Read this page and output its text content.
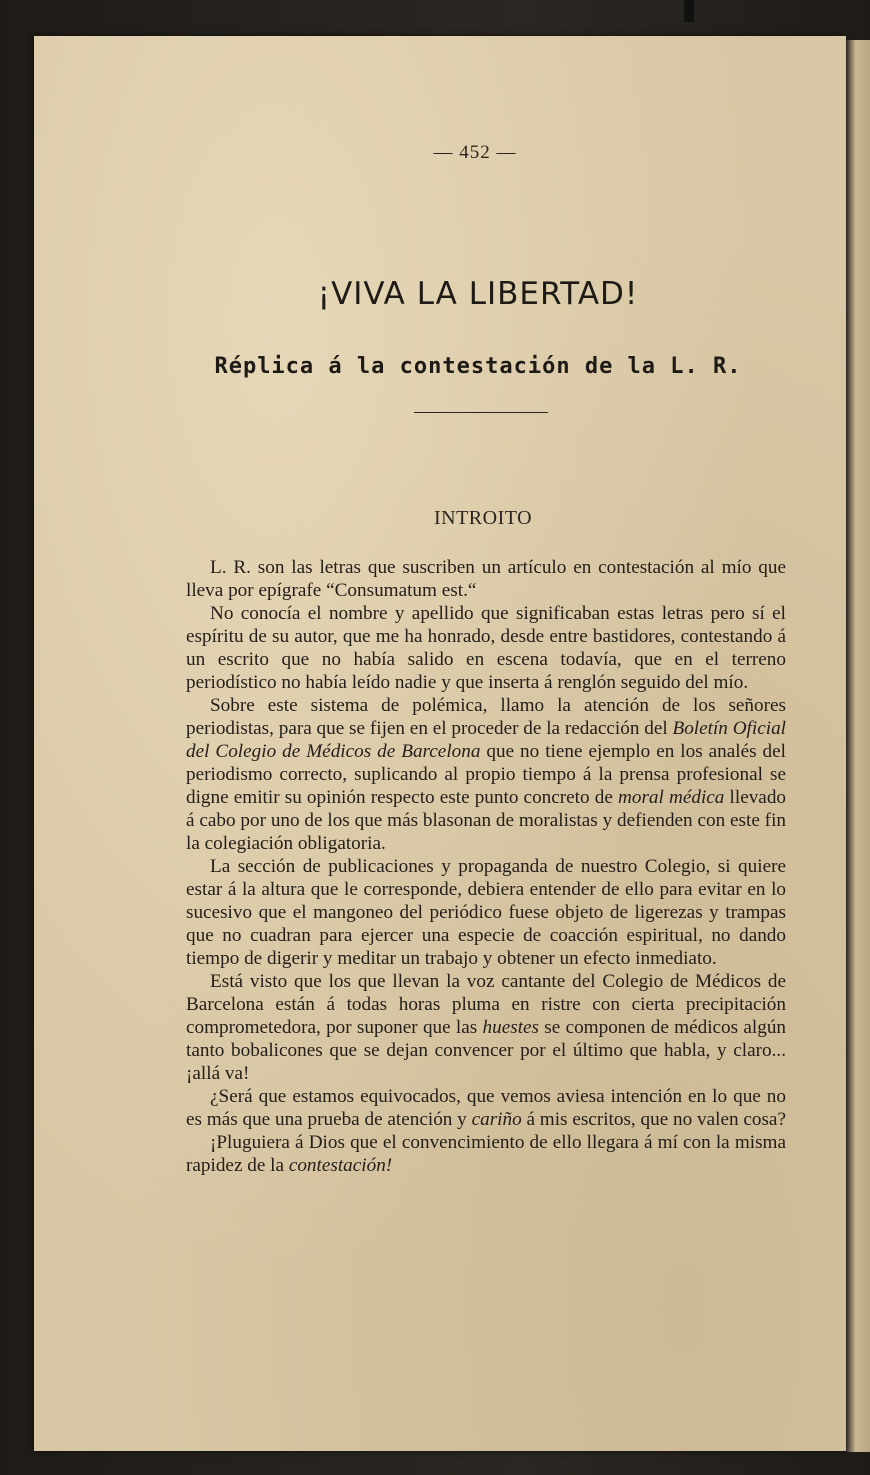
— 452 —
¡VIVA LA LIBERTAD!
Réplica á la contestación de la L. R.
INTROITO

L. R. son las letras que suscriben un artículo en contestación al mío que lleva por epígrafe “Consumatum est.“

No conocía el nombre y apellido que significaban estas letras pero sí el espíritu de su autor, que me ha honrado, desde entre bastidores, contestando á un escrito que no había salido en escena todavía, que en el terreno periodístico no había leído nadie y que inserta á renglón seguido del mío.

Sobre este sistema de polémica, llamo la atención de los señores periodistas, para que se fijen en el proceder de la redacción del Boletín Oficial del Colegio de Médicos de Barcelona que no tiene ejemplo en los analés del periodismo correcto, suplicando al propio tiempo á la prensa profesional se digne emitir su opinión respecto este punto concreto de moral médica llevado á cabo por uno de los que más blasonan de moralistas y defienden con este fin la colegiación obligatoria.

La sección de publicaciones y propaganda de nuestro Colegio, si quiere estar á la altura que le corresponde, debiera entender de ello para evitar en lo sucesivo que el mangoneo del periódico fuese objeto de ligerezas y trampas que no cuadran para ejercer una especie de coacción espiritual, no dando tiempo de digerir y meditar un trabajo y obtener un efecto inmediato.

Está visto que los que llevan la voz cantante del Colegio de Médicos de Barcelona están á todas horas pluma en ristre con cierta precipitación comprometedora, por suponer que las huestes se componen de médicos algún tanto bobalicones que se dejan convencer por el último que habla, y claro... ¡allá va!

¿Será que estamos equivocados, que vemos aviesa intención en lo que no es más que una prueba de atención y cariño á mis escritos, que no valen cosa?

¡Pluguiera á Dios que el convencimiento de ello llegara á mí con la misma rapidez de la contestación!
